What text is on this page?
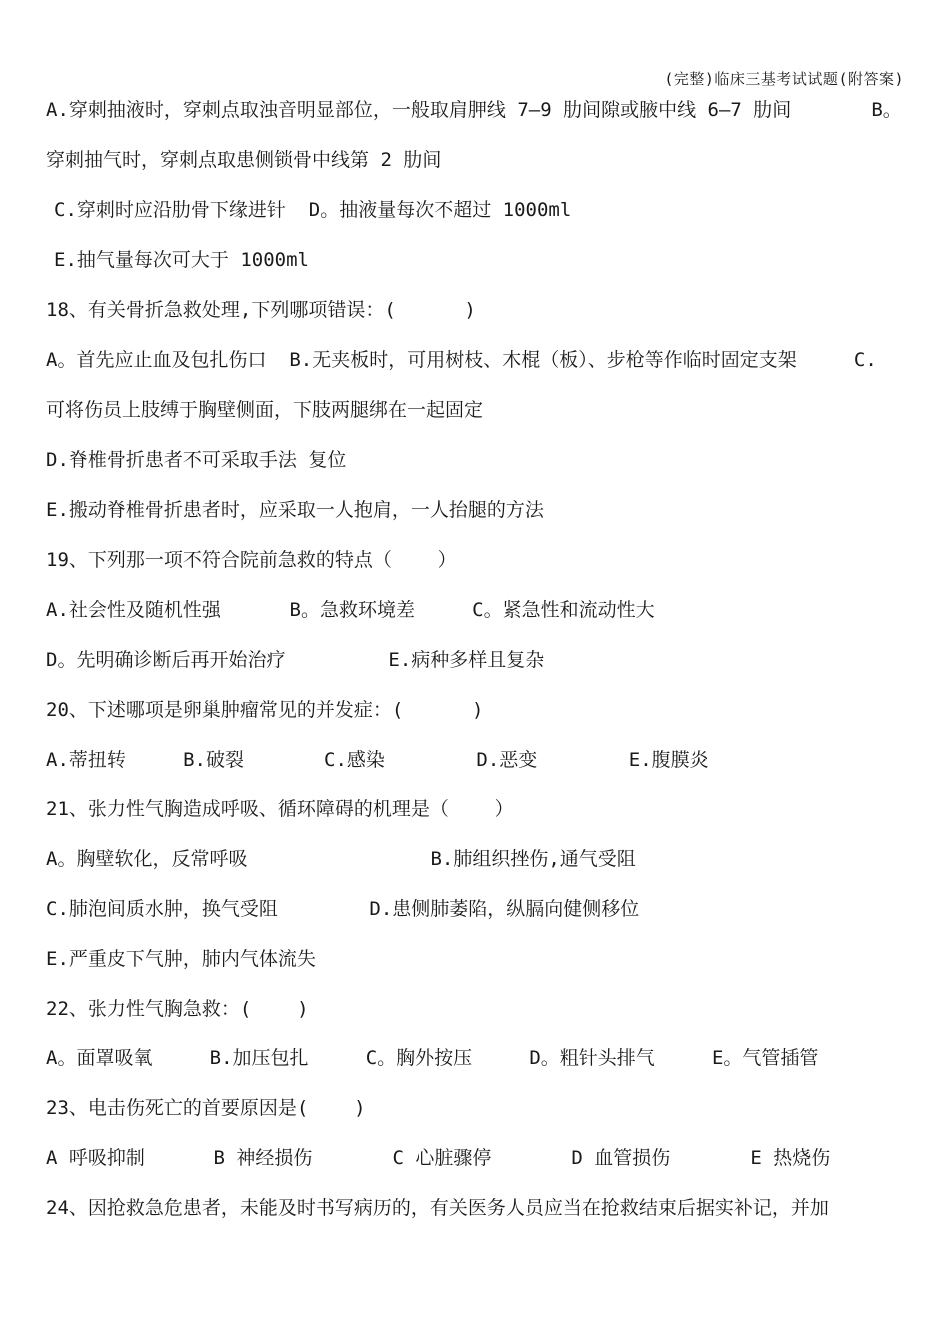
(完整)临床三基考试试题(附答案)
A.穿刺抽液时，穿刺点取浊音明显部位，一般取肩胛线 7—9 肋间隙或腋中线 6—7 肋间       B。
穿刺抽气时，穿刺点取患侧锁骨中线第 2 肋间
C.穿刺时应沿肋骨下缘进针  D。抽液量每次不超过 1000ml
E.抽气量每次可大于 1000ml
18、有关骨折急救处理,下列哪项错误：(      )
A。首先应止血及包扎伤口  B.无夹板时，可用树枝、木棍（板）、步枪等作临时固定支架     C.
可将伤员上肢缚于胸壁侧面，下肢两腿绑在一起固定
D.脊椎骨折患者不可采取手法 复位
E.搬动脊椎骨折患者时，应采取一人抱肩，一人抬腿的方法
19、下列那一项不符合院前急救的特点（    ）
A.社会性及随机性强      B。急救环境差     C。紧急性和流动性大
D。先明确诊断后再开始治疗         E.病种多样且复杂
20、下述哪项是卵巢肿瘤常见的并发症：(      )
A.蒂扭转     B.破裂       C.感染        D.恶变        E.腹膜炎
21、张力性气胸造成呼吸、循环障碍的机理是（    ）
A。胸壁软化，反常呼吸                B.肺组织挫伤,通气受阻
C.肺泡间质水肿，换气受阻        D.患侧肺萎陷，纵膈向健侧移位
E.严重皮下气肿，肺内气体流失
22、张力性气胸急救：(    )
A。面罩吸氧     B.加压包扎     C。胸外按压     D。粗针头排气     E。气管插管
23、电击伤死亡的首要原因是(    )
A 呼吸抑制      B 神经损伤       C 心脏骤停       D 血管损伤       E 热烧伤
24、因抢救急危患者，未能及时书写病历的，有关医务人员应当在抢救结束后据实补记，并加
